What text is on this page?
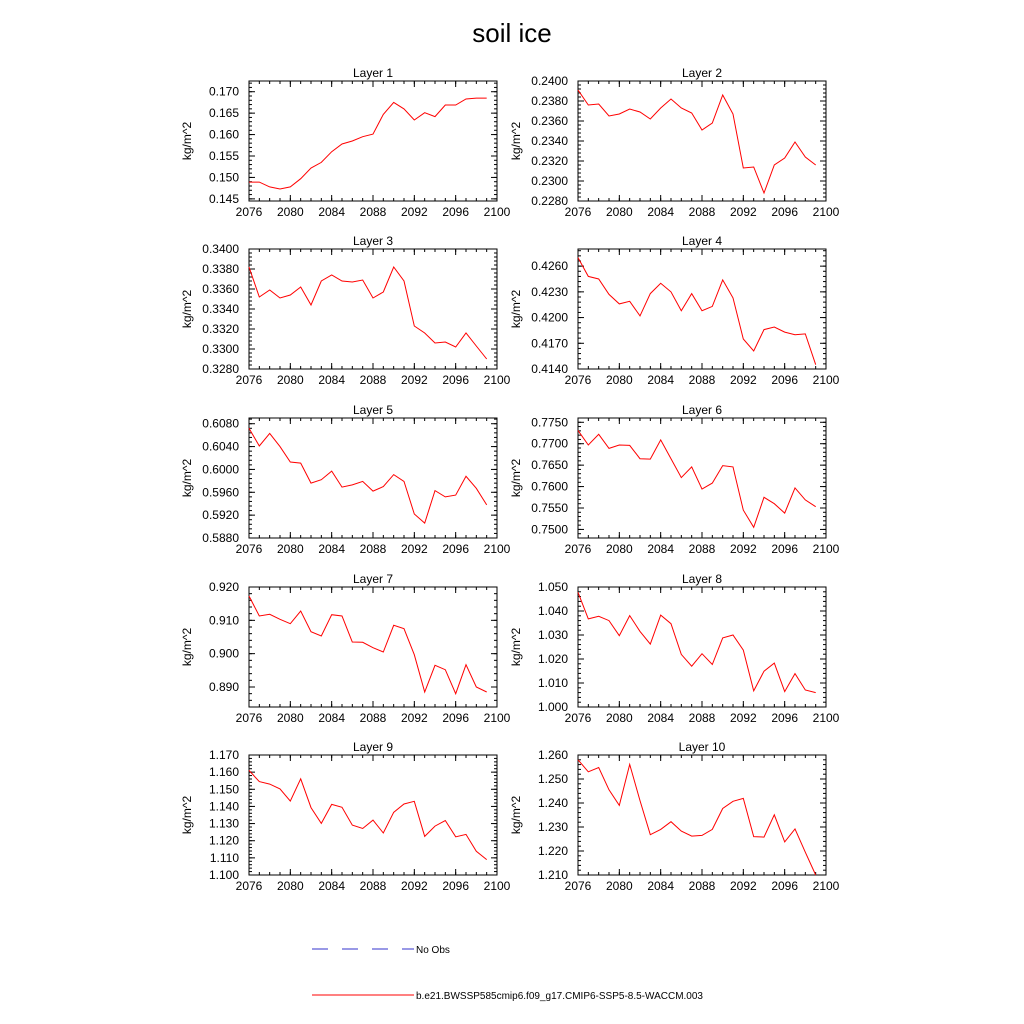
soil ice
Layer 1
2076 2080 2084 2088 2092 2096 2100
0.145
0.150
0.155
0.160
0.165
0.170
kg/m^2
Layer 2
2076 2080 2084 2088 2092 2096 2100
0.2280
0.2300
0.2320
0.2340
0.2360
0.2380
0.2400
kg/m^2
Layer 3
2076 2080 2084 2088 2092 2096 2100
0.3280
0.3300
0.3320
0.3340
0.3360
0.3380
0.3400
kg/m^2
Layer 4
2076 2080 2084 2088 2092 2096 2100
0.4140
0.4170
0.4200
0.4230
0.4260
kg/m^2
Layer 5
2076 2080 2084 2088 2092 2096 2100
0.5880
0.5920
0.5960
0.6000
0.6040
0.6080
kg/m^2
Layer 6
2076 2080 2084 2088 2092 2096 2100
0.7500
0.7550
0.7600
0.7650
0.7700
0.7750
kg/m^2
Layer 7
2076 2080 2084 2088 2092 2096 2100
0.890
0.900
0.910
0.920
kg/m^2
Layer 8
2076 2080 2084 2088 2092 2096 2100
1.000
1.010
1.020
1.030
1.040
1.050
kg/m^2
Layer 9
2076 2080 2084 2088 2092 2096 2100
1.100
1.110
1.120
1.130
1.140
1.150
1.160
1.170
kg/m^2
Layer 10
2076 2080 2084 2088 2092 2096 2100
1.210
1.220
1.230
1.240
1.250
1.260
kg/m^2
No Obs
b.e21.BWSSP585cmip6.f09_g17.CMIP6-SSP5-8.5-WACCM.003
